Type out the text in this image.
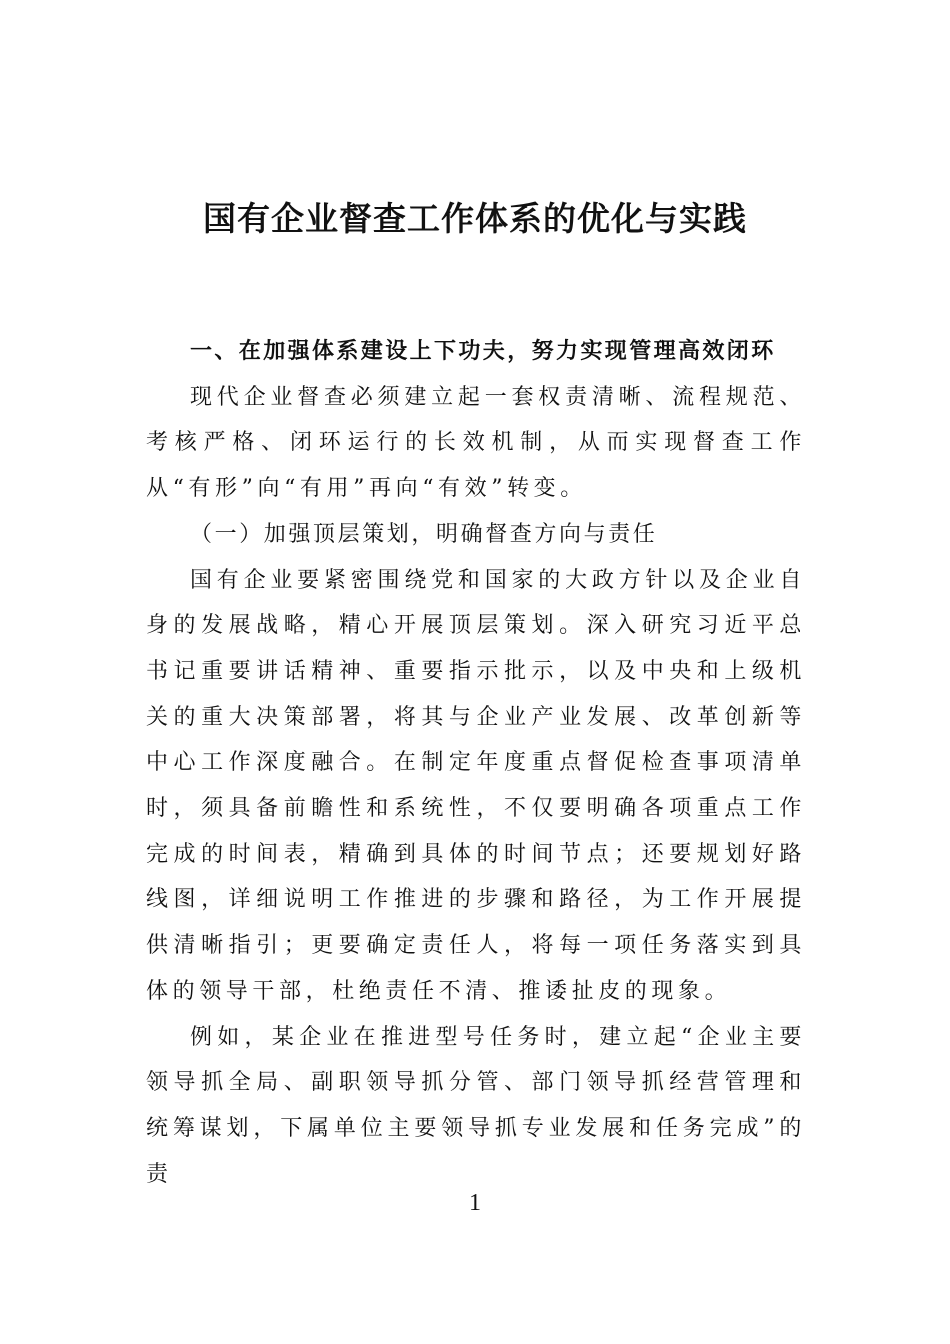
国有企业督查工作体系的优化与实践

一、在加强体系建设上下功夫，努力实现管理高效闭环

现代企业督查必须建立起一套权责清晰、流程规范、考核严格、闭环运行的长效机制，从而实现督查工作从“有形”向“有用”再向“有效”转变。

（一）加强顶层策划，明确督查方向与责任

国有企业要紧密围绕党和国家的大政方针以及企业自身的发展战略，精心开展顶层策划。深入研究习近平总书记重要讲话精神、重要指示批示，以及中央和上级机关的重大决策部署，将其与企业产业发展、改革创新等中心工作深度融合。在制定年度重点督促检查事项清单时，须具备前瞻性和系统性，不仅要明确各项重点工作完成的时间表，精确到具体的时间节点；还要规划好路线图，详细说明工作推进的步骤和路径，为工作开展提供清晰指引；更要确定责任人，将每一项任务落实到具体的领导干部，杜绝责任不清、推诿扯皮的现象。

例如，某企业在推进型号任务时，建立起“企业主要领导抓全局、副职领导抓分管、部门领导抓经营管理和统筹谋划，下属单位主要领导抓专业发展和任务完成”的责

1
